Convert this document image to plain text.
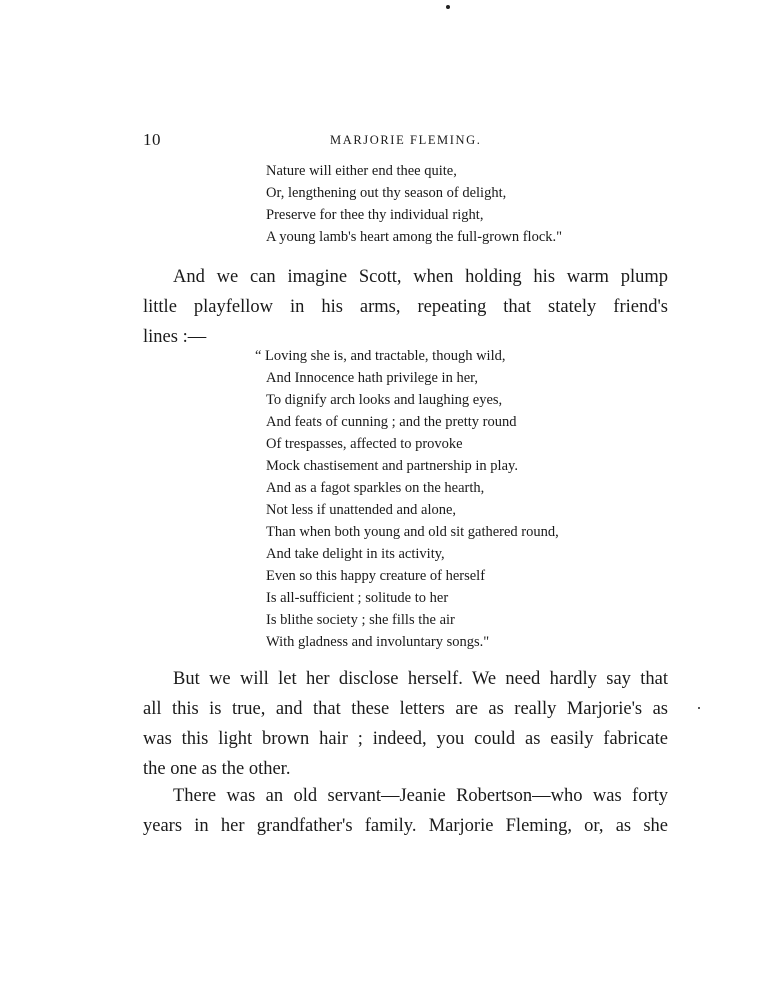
10	MARJORIE FLEMING.
Nature will either end thee quite,
Or, lengthening out thy season of delight,
Preserve for thee thy individual right,
A young lamb's heart among the full-grown flock."

And we can imagine Scott, when holding his warm plump
little playfellow in his arms, repeating that stately friend's
lines :—

“ Loving she is, and tractable, though wild,
And Innocence hath privilege in her,
To dignify arch looks and laughing eyes,
And feats of cunning ; and the pretty round
Of trespasses, affected to provoke
Mock chastisement and partnership in play.
And as a fagot sparkles on the hearth,
Not less if unattended and alone,
Than when both young and old sit gathered round,
And take delight in its activity,
Even so this happy creature of herself
Is all-sufficient ; solitude to her
Is blithe society ; she fills the air
With gladness and involuntary songs."

But we will let her disclose herself. We need hardly say that
all this is true, and that these letters are as really Marjorie's as
was this light brown hair ; indeed, you could as easily fabricate
the one as the other.

There was an old servant—Jeanie Robertson—who was forty
years in her grandfather's family. Marjorie Fleming, or, as she
